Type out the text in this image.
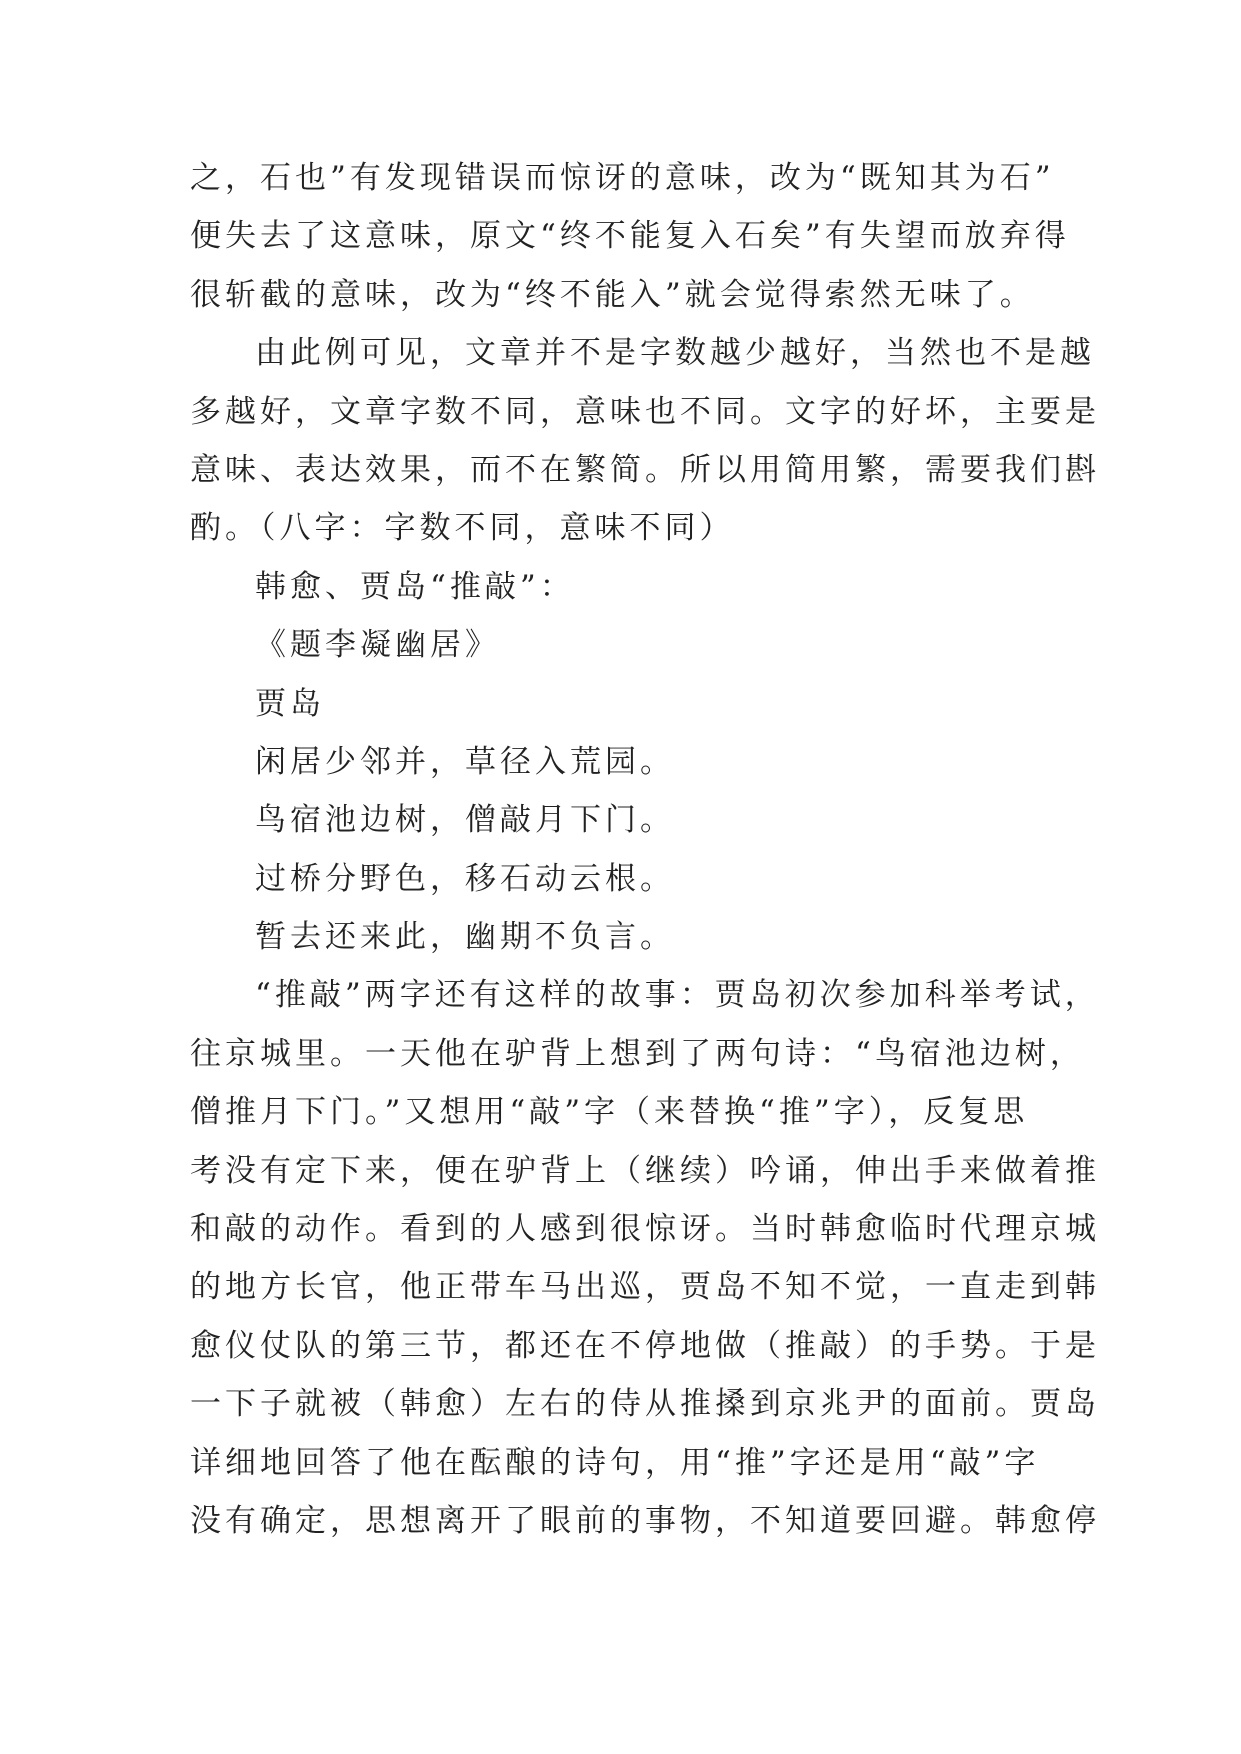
之，石也”有发现错误而惊讶的意味，改为“既知其为石”
便失去了这意味，原文“终不能复入石矣”有失望而放弃得
很斩截的意味，改为“终不能入”就会觉得索然无味了。
由此例可见，文章并不是字数越少越好，当然也不是越
多越好，文章字数不同，意味也不同。文字的好坏，主要是
意味、表达效果，而不在繁简。所以用简用繁，需要我们斟
酌。（八字：字数不同，意味不同）
韩愈、贾岛“推敲”：
《题李凝幽居》
贾岛
闲居少邻并，草径入荒园。
鸟宿池边树，僧敲月下门。
过桥分野色，移石动云根。
暂去还来此，幽期不负言。
“推敲”两字还有这样的故事：贾岛初次参加科举考试，
往京城里。一天他在驴背上想到了两句诗：“鸟宿池边树，
僧推月下门。”又想用“敲”字（来替换“推”字），反复思
考没有定下来，便在驴背上（继续）吟诵，伸出手来做着推
和敲的动作。看到的人感到很惊讶。当时韩愈临时代理京城
的地方长官，他正带车马出巡，贾岛不知不觉，一直走到韩
愈仪仗队的第三节，都还在不停地做（推敲）的手势。于是
一下子就被（韩愈）左右的侍从推搡到京兆尹的面前。贾岛
详细地回答了他在酝酿的诗句，用“推”字还是用“敲”字
没有确定，思想离开了眼前的事物，不知道要回避。韩愈停
